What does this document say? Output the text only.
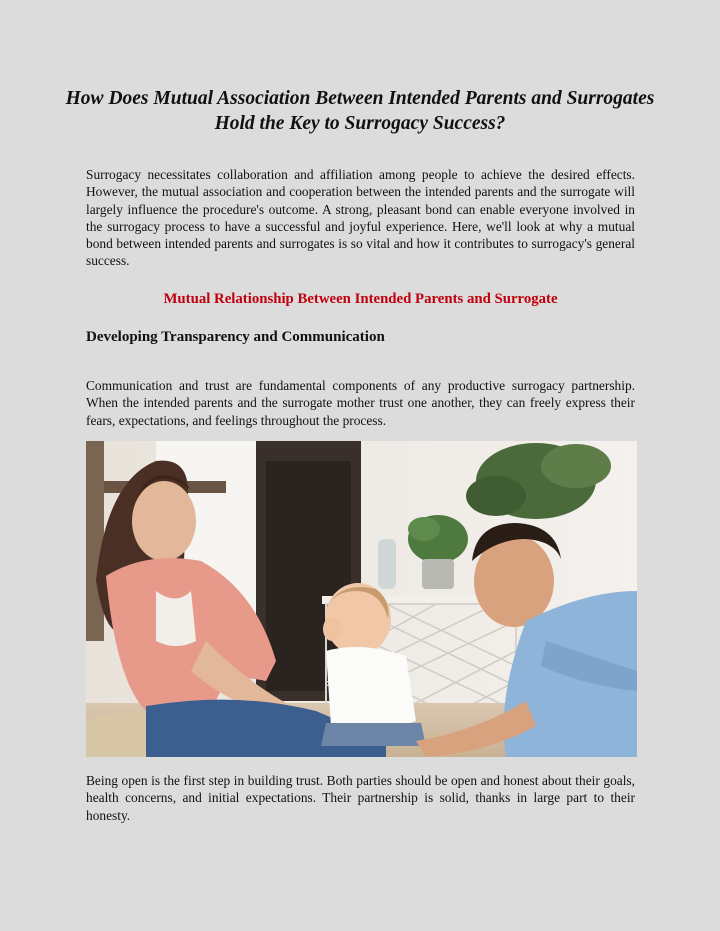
How Does Mutual Association Between Intended Parents and Surrogates Hold the Key to Surrogacy Success?

Surrogacy necessitates collaboration and affiliation among people to achieve the desired effects. However, the mutual association and cooperation between the intended parents and the surrogate will largely influence the procedure's outcome. A strong, pleasant bond can enable everyone involved in the surrogacy process to have a successful and joyful experience. Here, we'll look at why a mutual bond between intended parents and surrogates is so vital and how it contributes to surrogacy's general success.

Mutual Relationship Between Intended Parents and Surrogate
Developing Transparency and Communication

Communication and trust are fundamental components of any productive surrogacy partnership. When the intended parents and the surrogate mother trust one another, they can freely express their fears, expectations, and feelings throughout the process.

Being open is the first step in building trust. Both parties should be open and honest about their goals, health concerns, and initial expectations. Their partnership is solid, thanks in large part to their honesty.
